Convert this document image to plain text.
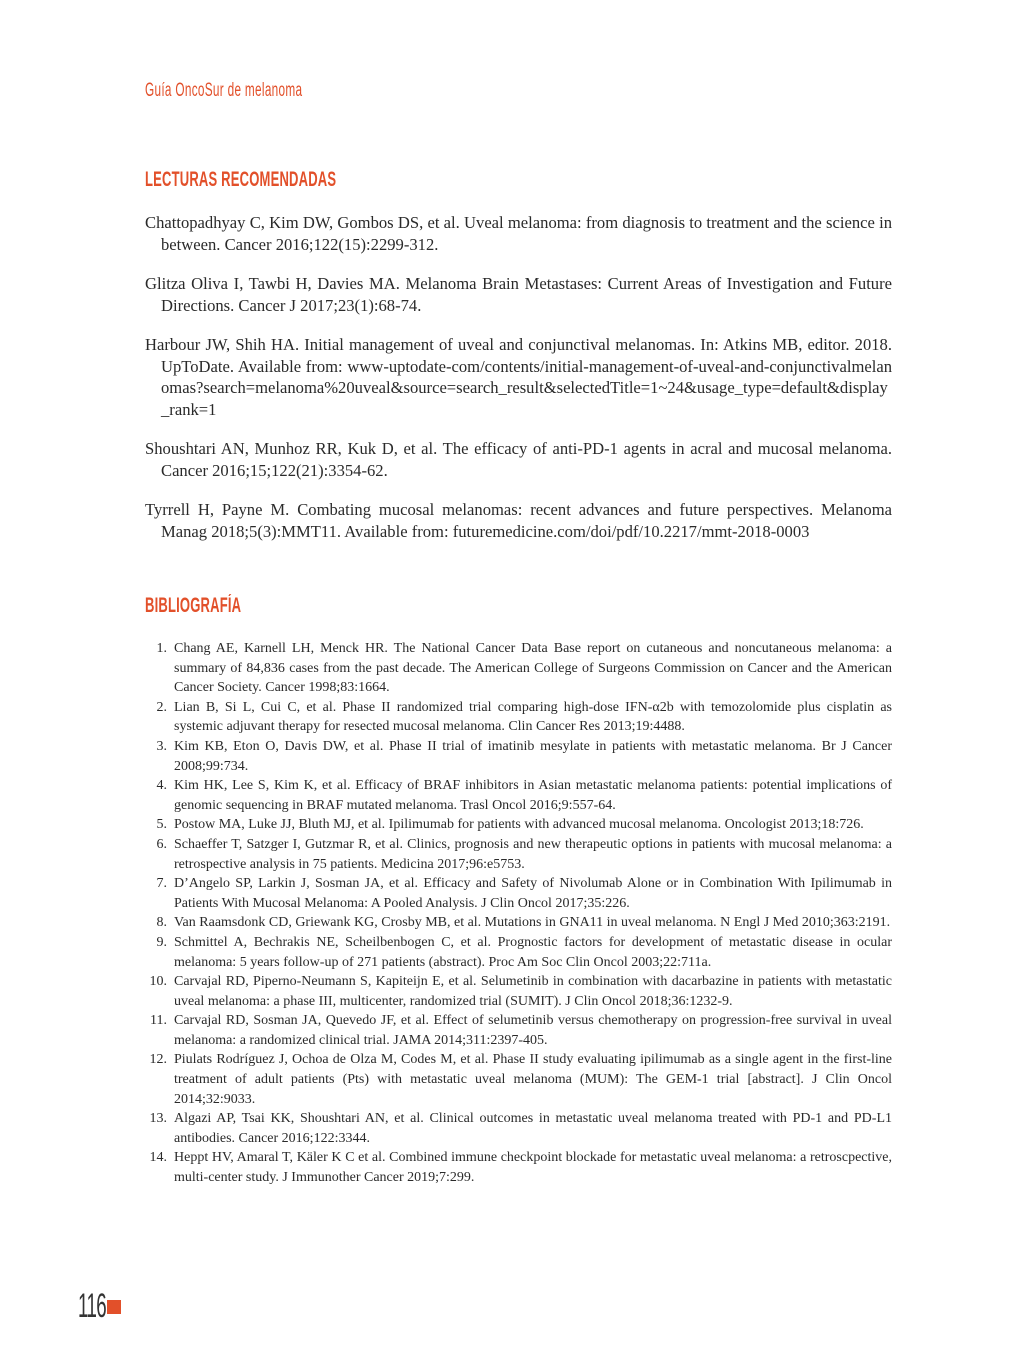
Guía OncoSur de melanoma
LECTURAS RECOMENDADAS

Chattopadhyay C, Kim DW, Gombos DS, et al. Uveal melanoma: from diagnosis to treatment and the science in between. Cancer 2016;122(15):2299-312.

Glitza Oliva I, Tawbi H, Davies MA. Melanoma Brain Metastases: Current Areas of Investigation and Future Directions. Cancer J 2017;23(1):68-74.

Harbour JW, Shih HA. Initial management of uveal and conjunctival melanomas. In: Atkins MB, editor. 2018. UpToDate. Available from: www-uptodate-com/contents/initial-management-of-uveal-and-conjunctivalmelanomas?search=melanoma%20uveal&source=search_result&selectedTitle=1~24&usage_type=default&display_rank=1

Shoushtari AN, Munhoz RR, Kuk D, et al. The efficacy of anti-PD-1 agents in acral and mucosal melanoma. Cancer 2016;15;122(21):3354-62.

Tyrrell H, Payne M. Combating mucosal melanomas: recent advances and future perspectives. Melanoma Manag 2018;5(3):MMT11. Available from: futuremedicine.com/doi/pdf/10.2217/mmt-2018-0003

BIBLIOGRAFÍA
1. Chang AE, Karnell LH, Menck HR. The National Cancer Data Base report on cutaneous and noncutaneous melanoma: a summary of 84,836 cases from the past decade. The American College of Surgeons Commission on Cancer and the American Cancer Society. Cancer 1998;83:1664.
2. Lian B, Si L, Cui C, et al. Phase II randomized trial comparing high-dose IFN-α2b with temozolomide plus cisplatin as systemic adjuvant therapy for resected mucosal melanoma. Clin Cancer Res 2013;19:4488.
3. Kim KB, Eton O, Davis DW, et al. Phase II trial of imatinib mesylate in patients with metastatic melanoma. Br J Cancer 2008;99:734.
4. Kim HK, Lee S, Kim K, et al. Efficacy of BRAF inhibitors in Asian metastatic melanoma patients: potential implications of genomic sequencing in BRAF mutated melanoma. Trasl Oncol 2016;9:557-64.
5. Postow MA, Luke JJ, Bluth MJ, et al. Ipilimumab for patients with advanced mucosal melanoma. Oncologist 2013;18:726.
6. Schaeffer T, Satzger I, Gutzmar R, et al. Clinics, prognosis and new therapeutic options in patients with mucosal melanoma: a retrospective analysis in 75 patients. Medicina 2017;96:e5753.
7. D’Angelo SP, Larkin J, Sosman JA, et al. Efficacy and Safety of Nivolumab Alone or in Combination With Ipilimumab in Patients With Mucosal Melanoma: A Pooled Analysis. J Clin Oncol 2017;35:226.
8. Van Raamsdonk CD, Griewank KG, Crosby MB, et al. Mutations in GNA11 in uveal melanoma. N Engl J Med 2010;363:2191.
9. Schmittel A, Bechrakis NE, Scheilbenbogen C, et al. Prognostic factors for development of metastatic disease in ocular melanoma: 5 years follow-up of 271 patients (abstract). Proc Am Soc Clin Oncol 2003;22:711a.
10. Carvajal RD, Piperno-Neumann S, Kapiteijn E, et al. Selumetinib in combination with dacarbazine in patients with metastatic uveal melanoma: a phase III, multicenter, randomized trial (SUMIT). J Clin Oncol 2018;36:1232-9.
11. Carvajal RD, Sosman JA, Quevedo JF, et al. Effect of selumetinib versus chemotherapy on progression-free survival in uveal melanoma: a randomized clinical trial. JAMA 2014;311:2397-405.
12. Piulats Rodríguez J, Ochoa de Olza M, Codes M, et al. Phase II study evaluating ipilimumab as a single agent in the first-line treatment of adult patients (Pts) with metastatic uveal melanoma (MUM): The GEM-1 trial [abstract]. J Clin Oncol 2014;32:9033.
13. Algazi AP, Tsai KK, Shoushtari AN, et al. Clinical outcomes in metastatic uveal melanoma treated with PD-1 and PD-L1 antibodies. Cancer 2016;122:3344.
14. Heppt HV, Amaral T, Käler K C et al. Combined immune checkpoint blockade for metastatic uveal melanoma: a retroscpective, multi-center study. J Immunother Cancer 2019;7:299.
116
